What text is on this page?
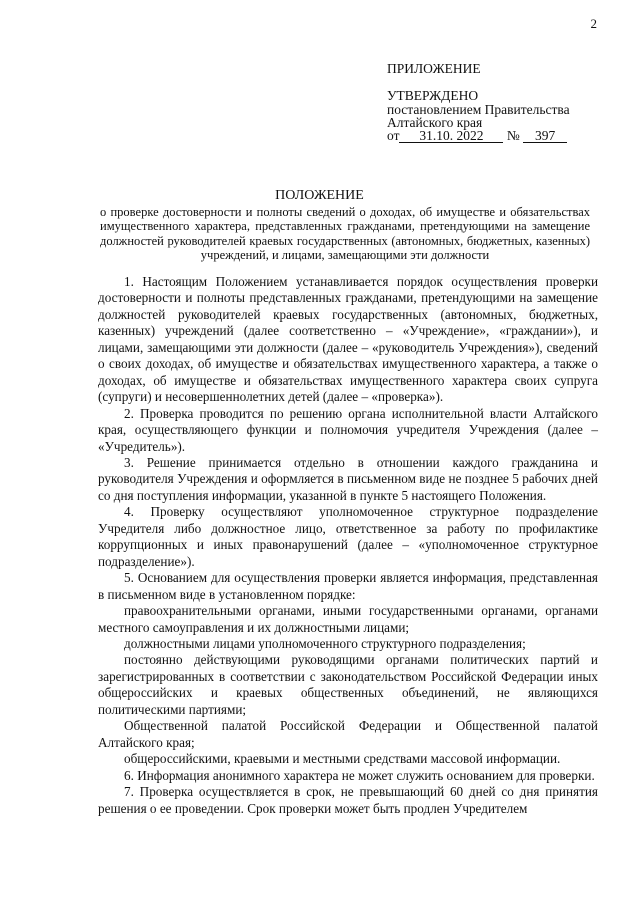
2
ПРИЛОЖЕНИЕ
УТВЕРЖДЕНО
постановлением Правительства
Алтайского края
от 31.10. 2022 № 397
ПОЛОЖЕНИЕ
о проверке достоверности и полноты сведений о доходах, об имуществе и обязательствах имущественного характера, представленных гражданами, претендующими на замещение должностей руководителей краевых государственных (автономных, бюджетных, казенных) учреждений, и лицами, замещающими эти должности

1. Настоящим Положением устанавливается порядок осуществления проверки достоверности и полноты представленных гражданами, претендующими на замещение должностей руководителей краевых государственных (автономных, бюджетных, казенных) учреждений (далее соответственно – «Учреждение», «граждании»), и лицами, замещающими эти должности (далее – «руководитель Учреждения»), сведений о своих доходах, об имуществе и обязательствах имущественного характера, а также о доходах, об имуществе и обязательствах имущественного характера своих супруга (супруги) и несовершеннолетних детей (далее – «проверка»).

2. Проверка проводится по решению органа исполнительной власти Алтайского края, осуществляющего функции и полномочия учредителя Учреждения (далее – «Учредитель»).

3. Решение принимается отдельно в отношении каждого гражданина и руководителя Учреждения и оформляется в письменном виде не позднее 5 рабочих дней со дня поступления информации, указанной в пункте 5 настоящего Положения.

4. Проверку осуществляют уполномоченное структурное подразделение Учредителя либо должностное лицо, ответственное за работу по профилактике коррупционных и иных правонарушений (далее – «уполномоченное структурное подразделение»).

5. Основанием для осуществления проверки является информация, представленная в письменном виде в установленном порядке:

правоохранительными органами, иными государственными органами, органами местного самоуправления и их должностными лицами;

должностными лицами уполномоченного структурного подразделения;

постоянно действующими руководящими органами политических партий и зарегистрированных в соответствии с законодательством Российской Федерации иных общероссийских и краевых общественных объединений, не являющихся политическими партиями;

Общественной палатой Российской Федерации и Общественной палатой Алтайского края;

общероссийскими, краевыми и местными средствами массовой информации.

6. Информация анонимного характера не может служить основанием для проверки.

7. Проверка осуществляется в срок, не превышающий 60 дней со дня принятия решения о ее проведении. Срок проверки может быть продлен Учредителем
